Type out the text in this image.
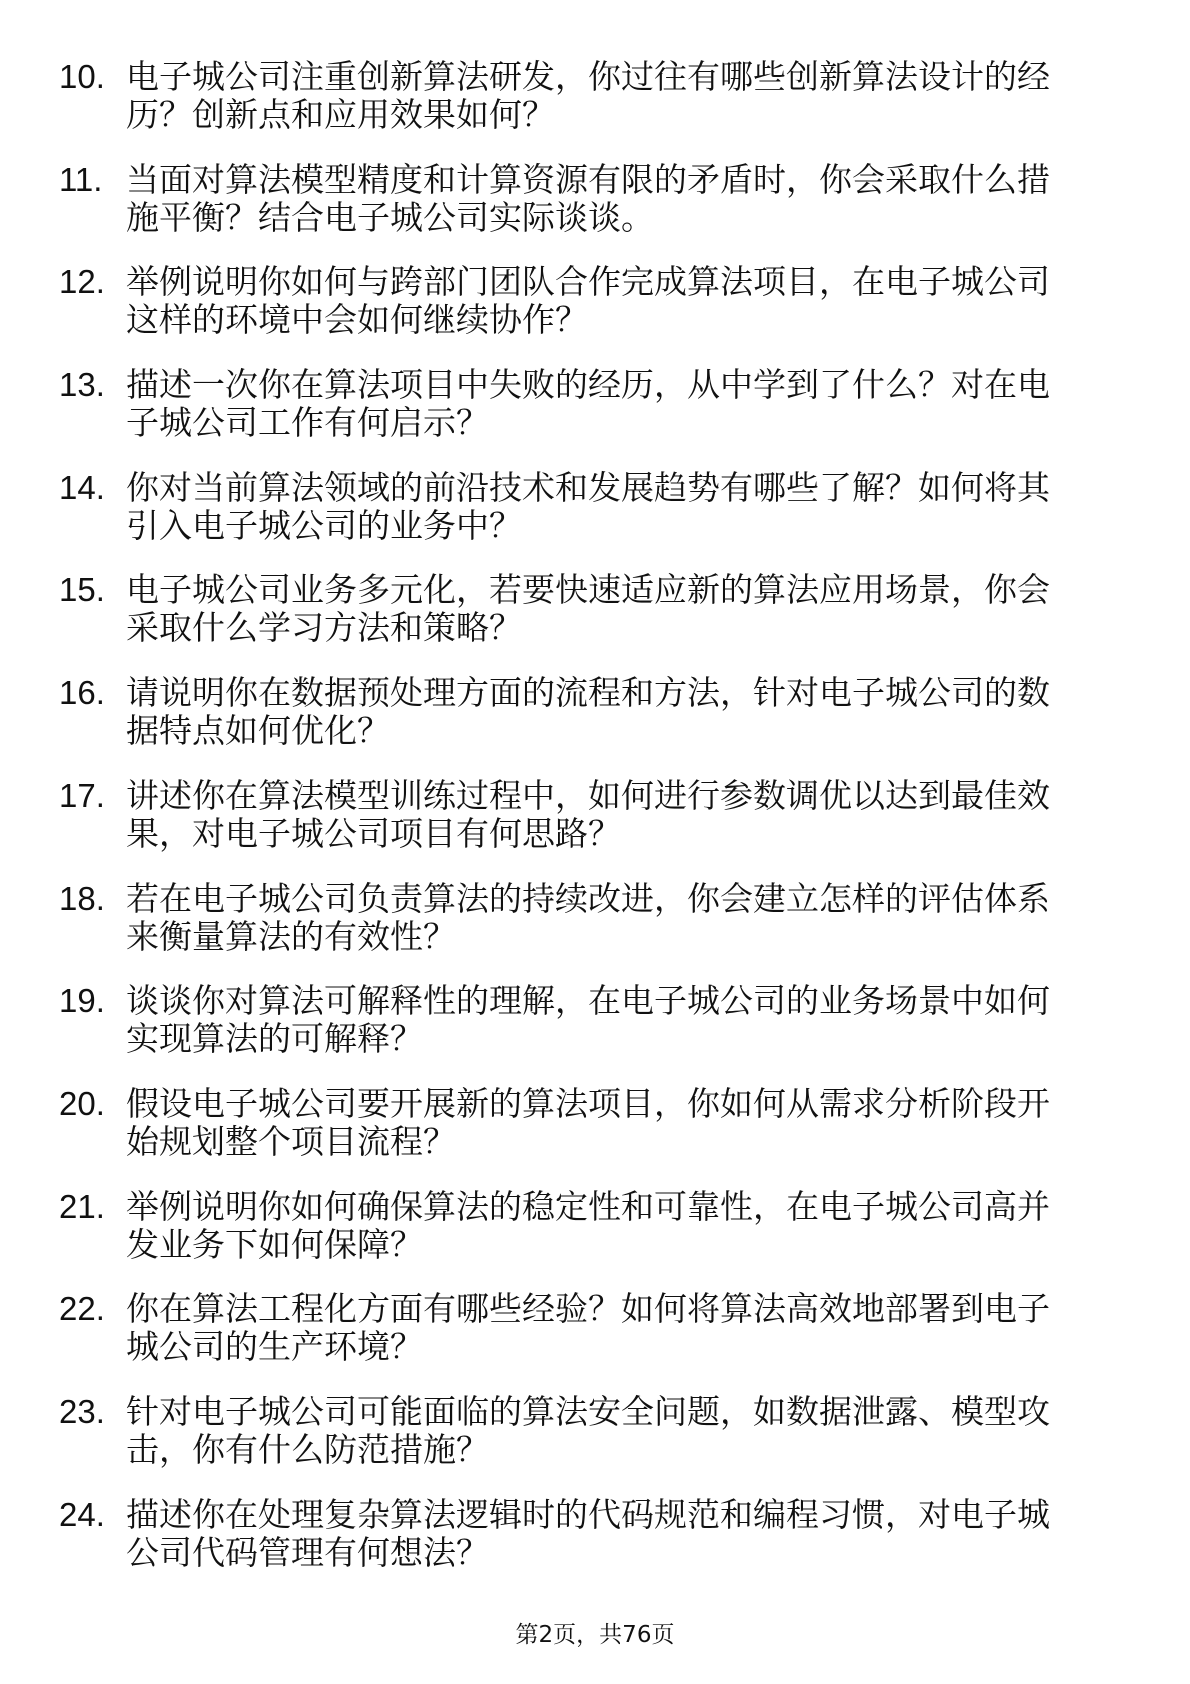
10. 电子城公司注重创新算法研发，你过往有哪些创新算法设计的经
历？创新点和应用效果如何？
11. 当面对算法模型精度和计算资源有限的矛盾时，你会采取什么措
施平衡？结合电子城公司实际谈谈。
12. 举例说明你如何与跨部门团队合作完成算法项目，在电子城公司
这样的环境中会如何继续协作？
13. 描述一次你在算法项目中失败的经历，从中学到了什么？对在电
子城公司工作有何启示？
14. 你对当前算法领域的前沿技术和发展趋势有哪些了解？如何将其
引入电子城公司的业务中？
15. 电子城公司业务多元化，若要快速适应新的算法应用场景，你会
采取什么学习方法和策略？
16. 请说明你在数据预处理方面的流程和方法，针对电子城公司的数
据特点如何优化？
17. 讲述你在算法模型训练过程中，如何进行参数调优以达到最佳效
果，对电子城公司项目有何思路？
18. 若在电子城公司负责算法的持续改进，你会建立怎样的评估体系
来衡量算法的有效性？
19. 谈谈你对算法可解释性的理解，在电子城公司的业务场景中如何
实现算法的可解释？
20. 假设电子城公司要开展新的算法项目，你如何从需求分析阶段开
始规划整个项目流程？
21. 举例说明你如何确保算法的稳定性和可靠性，在电子城公司高并
发业务下如何保障？
22. 你在算法工程化方面有哪些经验？如何将算法高效地部署到电子
城公司的生产环境？
23. 针对电子城公司可能面临的算法安全问题，如数据泄露、模型攻
击，你有什么防范措施？
24. 描述你在处理复杂算法逻辑时的代码规范和编程习惯，对电子城
公司代码管理有何想法？
第2页，共76页
